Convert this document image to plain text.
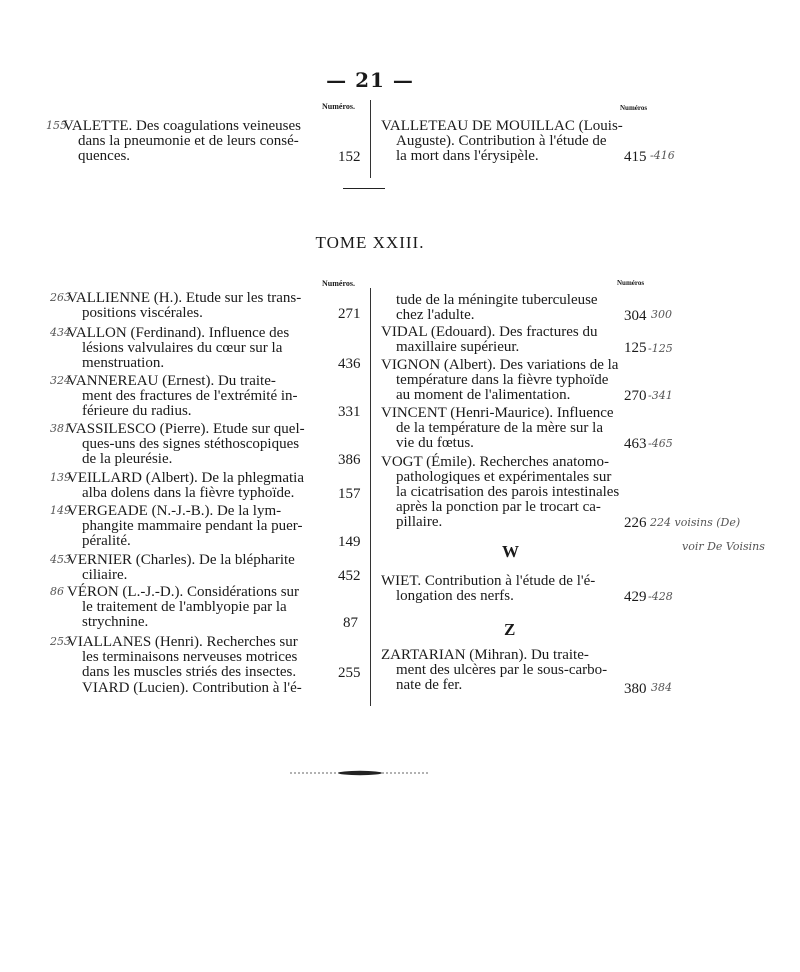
— 21 —
Numéros.	Numéros
155
VALETTE. Des coagulations veineuses
dans la pneumonie et de leurs consé-
quences.	152
VALLETEAU DE MOUILLAC (Louis-
Auguste). Contribution à l'étude de
la mort dans l'érysipèle.	415 -416
TOME XXIII.
Numéros.	Numéros
263
VALLIENNE (H.). Etude sur les trans-
positions viscérales.	271
434
VALLON (Ferdinand). Influence des
lésions valvulaires du cœur sur la
menstruation.	436
324
VANNEREAU (Ernest). Du traite-
ment des fractures de l'extrémité in-
férieure du radius.	331
381
VASSILESCO (Pierre). Etude sur quel-
ques-uns des signes stéthoscopiques
de la pleurésie.	386
139
VEILLARD (Albert). De la phlegmatia
alba dolens dans la fièvre typhoïde.	157
149
VERGEADE (N.-J.-B.). De la lym-
phangite mammaire pendant la puer-
péralité.	149
453
VERNIER (Charles). De la blépharite
ciliaire.	452
86 VÉRON (L.-J.-D.). Considérations sur
le traitement de l'amblyopie par la
strychnine.	87
253
VIALLANES (Henri). Recherches sur
les terminaisons nerveuses motrices
dans les muscles striés des insectes.	255
VIARD (Lucien). Contribution à l'é-
tude de la méningite tuberculeuse
chez l'adulte.	304 300
VIDAL (Edouard). Des fractures du
maxillaire supérieur.	125 -125
VIGNON (Albert). Des variations de la
température dans la fièvre typhoïde
au moment de l'alimentation.	270 -341
VINCENT (Henri-Maurice). Influence
de la température de la mère sur la
vie du fœtus.	463 -465
VOGT (Émile). Recherches anatomo-
pathologiques et expérimentales sur
la cicatrisation des parois intestinales
après la ponction par le trocart ca-
pillaire.	226 224 voisins (De)
voir De Voisins
W
WIET. Contribution à l'étude de l'é-
longation des nerfs.	429 -428
Z
ZARTARIAN (Mihran). Du traite-
ment des ulcères par le sous-carbo-
nate de fer.	380 384
